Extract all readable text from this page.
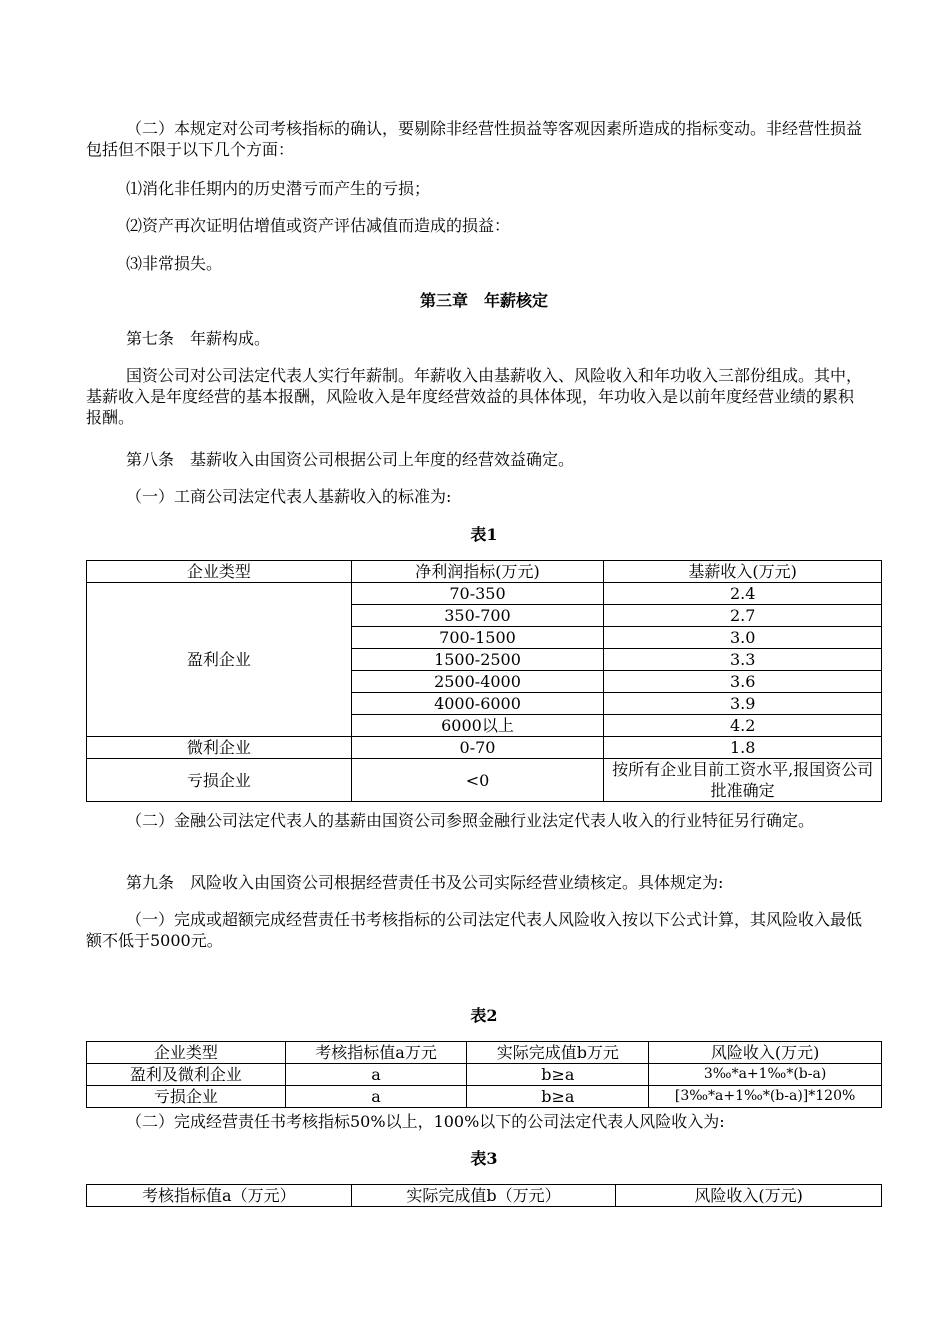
（二）本规定对公司考核指标的确认，要剔除非经营性损益等客观因素所造成的指标变动。非经营性损益包括但不限于以下几个方面：

⑴消化非任期内的历史潜亏而产生的亏损；

⑵资产再次证明估增值或资产评估减值而造成的损益：

⑶非常损失。

第三章　年薪核定

第七条　年薪构成。

国资公司对公司法定代表人实行年薪制。年薪收入由基薪收入、风险收入和年功收入三部份组成。其中，基薪收入是年度经营的基本报酬，风险收入是年度经营效益的具体体现，年功收入是以前年度经营业绩的累积报酬。

第八条　基薪收入由国资公司根据公司上年度的经营效益确定。

（一）工商公司法定代表人基薪收入的标准为:

表1

企业类型	净利润指标(万元)	基薪收入(万元)
盈利企业	70-350	2.4
	350-700	2.7
	700-1500	3.0
	1500-2500	3.3
	2500-4000	3.6
	4000-6000	3.9
	6000以上	4.2
微利企业	0-70	1.8
亏损企业	<0	按所有企业目前工资水平,报国资公司批准确定

（二）金融公司法定代表人的基薪由国资公司参照金融行业法定代表人收入的行业特征另行确定。

第九条　风险收入由国资公司根据经营责任书及公司实际经营业绩核定。具体规定为:

（一）完成或超额完成经营责任书考核指标的公司法定代表人风险收入按以下公式计算，其风险收入最低额不低于5000元。

表2

企业类型	考核指标值a万元	实际完成值b万元	风险收入(万元)
盈利及微利企业	a	b≥a	3‰*a+1‰*(b-a)
亏损企业	a	b≥a	[3‰*a+1‰*(b-a)]*120%

（二）完成经营责任书考核指标50%以上，100%以下的公司法定代表人风险收入为:

表3

考核指标值a（万元）	实际完成值b（万元）	风险收入(万元)
